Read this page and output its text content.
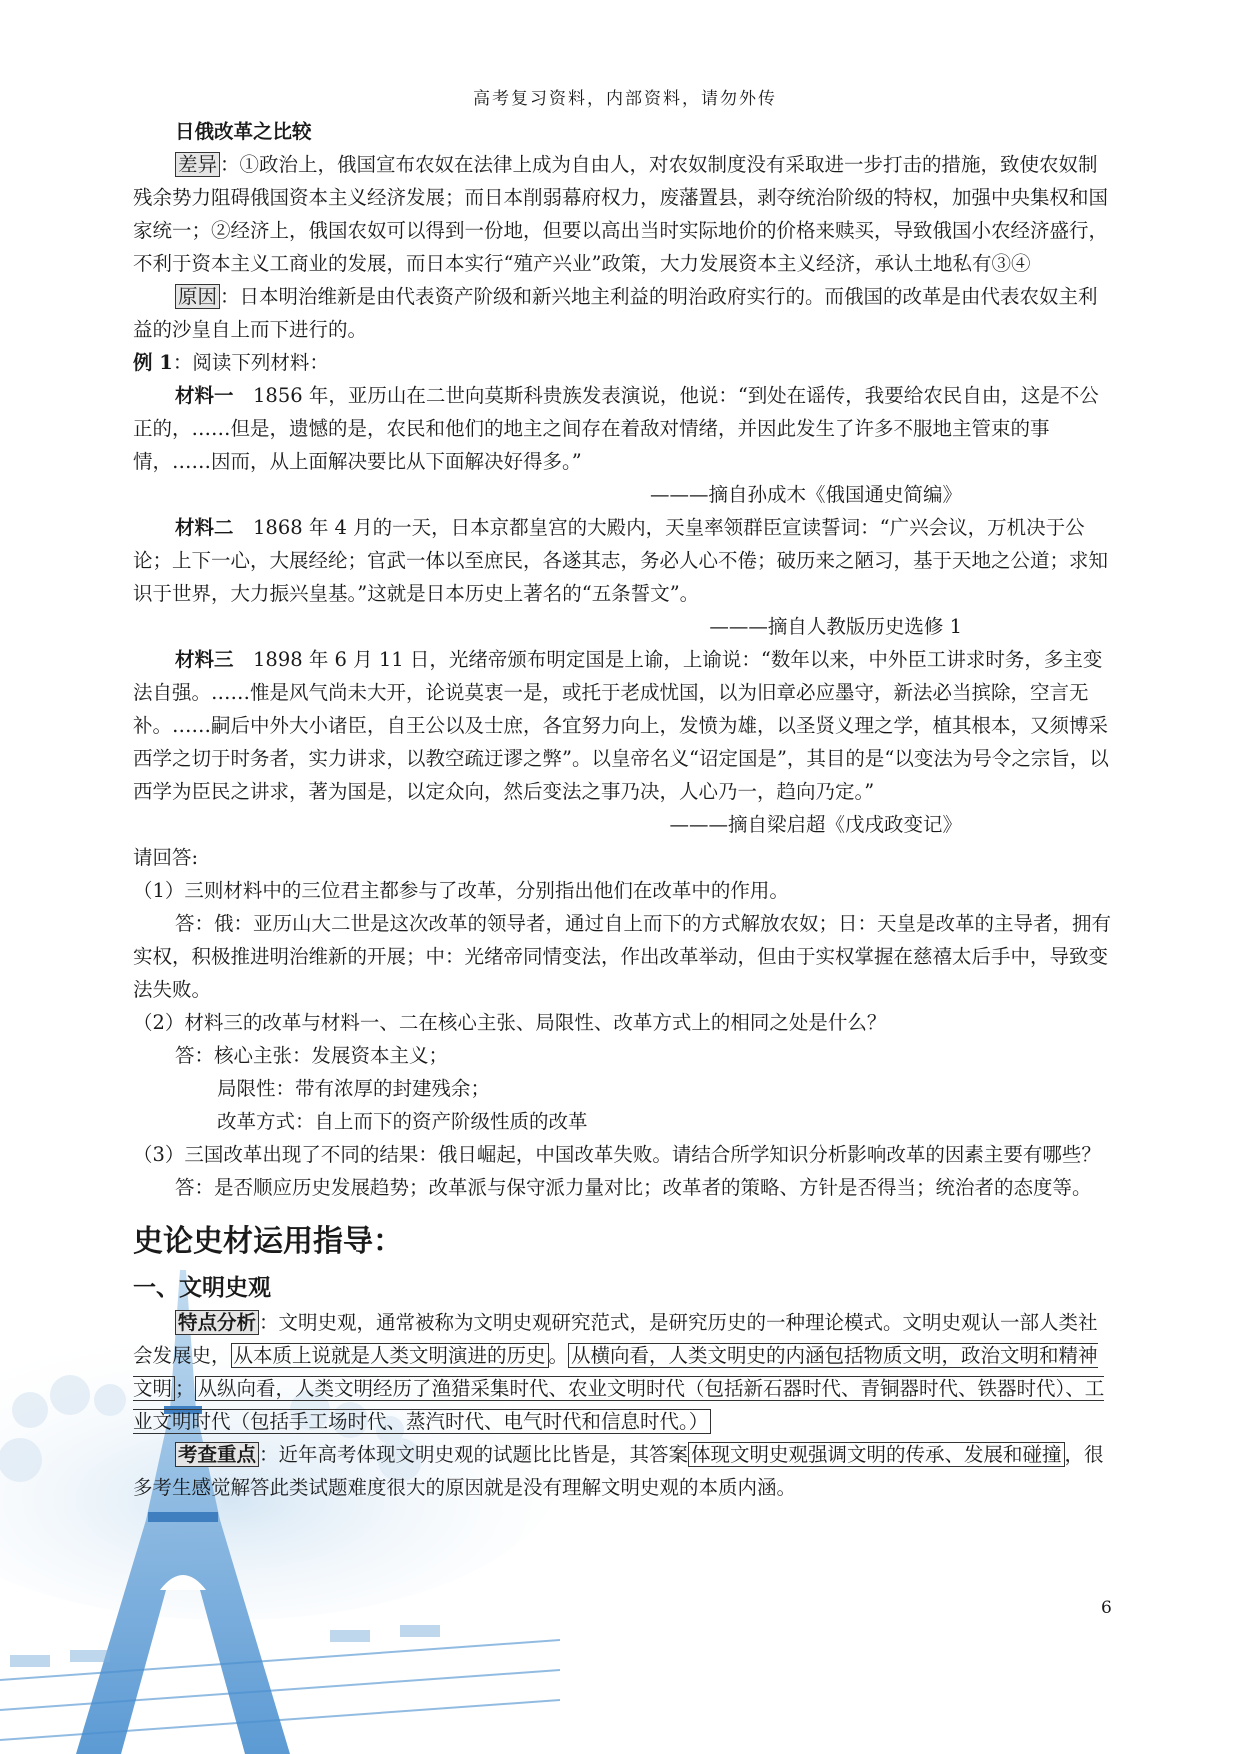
高考复习资料，内部资料，请勿外传

日俄改革之比较

差异 ：①政治上，俄国宣布农奴在法律上成为自由人，对农奴制度没有采取进一步打击的措施，致使农奴制残余势力阻碍俄国资本主义经济发展；而日本削弱幕府权力，废藩置县，剥夺统治阶级的特权，加强中央集权和国家统一；②经济上，俄国农奴可以得到一份地，但要以高出当时实际地价的价格来赎买，导致俄国小农经济盛行，不利于资本主义工商业的发展，而日本实行“殖产兴业”政策，大力发展资本主义经济，承认土地私有③④

原因 ：日本明治维新是由代表资产阶级和新兴地主利益的明治政府实行的。而俄国的改革是由代表农奴主利益的沙皇自上而下进行的。

例 1：阅读下列材料：

材料一　1856 年，亚历山在二世向莫斯科贵族发表演说，他说：“到处在谣传，我要给农民自由，这是不公正的，……但是，遗憾的是，农民和他们的地主之间存在着敌对情绪，并因此发生了许多不服地主管束的事情，……因而，从上面解决要比从下面解决好得多。”

———摘自孙成木《俄国通史简编》

材料二　1868 年 4 月的一天，日本京都皇宫的大殿内，天皇率领群臣宣读誓词：“广兴会议，万机决于公论；上下一心，大展经纶；官武一体以至庶民，各遂其志，务必人心不倦；破历来之陋习，基于天地之公道；求知识于世界，大力振兴皇基。”这就是日本历史上著名的“五条誓文”。

———摘自人教版历史选修 1

材料三　1898 年 6 月 11 日，光绪帝颁布明定国是上谕，上谕说：“数年以来，中外臣工讲求时务，多主变法自强。……惟是风气尚未大开，论说莫衷一是，或托于老成忧国，以为旧章必应墨守，新法必当摈除，空言无补。……嗣后中外大小诸臣，自王公以及士庶，各宜努力向上，发愤为雄，以圣贤义理之学，植其根本，又须博采西学之切于时务者，实力讲求，以教空疏迂谬之弊”。以皇帝名义“诏定国是”，其目的是“以变法为号令之宗旨，以西学为臣民之讲求，著为国是，以定众向，然后变法之事乃决，人心乃一，趋向乃定。”

———摘自梁启超《戊戌政变记》

请回答:

（1）三则材料中的三位君主都参与了改革，分别指出他们在改革中的作用。

答：俄：亚历山大二世是这次改革的领导者，通过自上而下的方式解放农奴；日：天皇是改革的主导者，拥有实权，积极推进明治维新的开展；中：光绪帝同情变法，作出改革举动，但由于实权掌握在慈禧太后手中，导致变法失败。

（2）材料三的改革与材料一、二在核心主张、局限性、改革方式上的相同之处是什么？

答：核心主张：发展资本主义；

局限性：带有浓厚的封建残余；

改革方式：自上而下的资产阶级性质的改革

（3）三国改革出现了不同的结果：俄日崛起，中国改革失败。请结合所学知识分析影响改革的因素主要有哪些？

答：是否顺应历史发展趋势；改革派与保守派力量对比；改革者的策略、方针是否得当；统治者的态度等。

史论史材运用指导：
一、文明史观

特点分析 ：文明史观，通常被称为文明史观研究范式，是研究历史的一种理论模式。文明史观认一部人类社会发展史， 从本质上说就是人类文明演进的历史 。 从横向看，人类文明史的内涵包括物质文明，政治文明和精神文明 ； 从纵向看，人类文明经历了渔猎采集时代、农业文明时代（包括新石器时代、青铜器时代、铁器时代）、工业文明时代（包括手工场时代、蒸汽时代、电气时代和信息时代。）

考查重点 ：近年高考体现文明史观的试题比比皆是，其答案 体现文明史观强调文明的传承、发展和碰撞 ，很多考生感觉解答此类试题难度很大的原因就是没有理解文明史观的本质内涵。

6
